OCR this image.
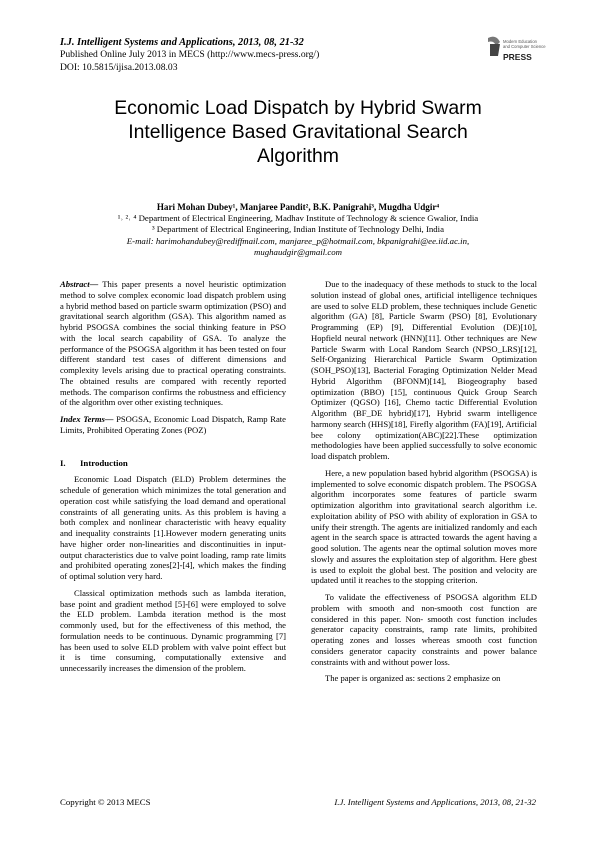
I.J. Intelligent Systems and Applications, 2013, 08, 21-32
Published Online July 2013 in MECS (http://www.mecs-press.org/)
DOI: 10.5815/ijisa.2013.08.03
Modern Education
and Computer Science
PRESS
Economic Load Dispatch by Hybrid Swarm
Intelligence Based Gravitational Search
Algorithm
Hari Mohan Dubey¹, Manjaree Pandit², B.K. Panigrahi³, Mugdha Udgir⁴
¹˒ ²˒ ⁴ Department of Electrical Engineering, Madhav Institute of Technology & science Gwalior, India
³ Department of Electrical Engineering, Indian Institute of Technology Delhi, India
E-mail: harimohandubey@rediffmail.com, manjaree_p@hotmail.com, bkpanigrahi@ee.iid.ac.in,
mughaudgir@gmail.com

Abstract— This paper presents a novel heuristic optimization method to solve complex economic load dispatch problem using a hybrid method based on particle swarm optimization (PSO) and gravitational search algorithm (GSA). This algorithm named as hybrid PSOGSA combines the social thinking feature in PSO with the local search capability of GSA. To analyze the performance of the PSOGSA algorithm it has been tested on four different standard test cases of different dimensions and complexity levels arising due to practical operating constraints. The obtained results are compared with recently reported methods. The comparison confirms the robustness and efficiency of the algorithm over other existing techniques.

Index Terms— PSOGSA, Economic Load Dispatch, Ramp Rate Limits, Prohibited Operating Zones (POZ)

I. Introduction

Economic Load Dispatch (ELD) Problem determines the schedule of generation which minimizes the total generation and operation cost while satisfying the load demand and operational constraints of all generating units. As this problem is having a both complex and nonlinear characteristic with heavy equality and inequality constraints [1].However modern generating units have higher order non-linearities and discontinuities in input-output characteristics due to valve point loading, ramp rate limits and prohibited operating zones[2]-[4], which makes the finding of optimal solution very hard.

Classical optimization methods such as lambda iteration, base point and gradient method [5]-[6] were employed to solve the ELD problem. Lambda iteration method is the most commonly used, but for the effectiveness of this method, the formulation needs to be continuous. Dynamic programming [7] has been used to solve ELD problem with valve point effect but it is time consuming, computationally extensive and unnecessarily increases the dimension of the problem.

Due to the inadequacy of these methods to stuck to the local solution instead of global ones, artificial intelligence techniques are used to solve ELD problem, these techniques include Genetic algorithm (GA) [8], Particle Swarm (PSO) [8], Evolutionary Programming (EP) [9], Differential Evolution (DE)[10], Hopfield neural network (HNN)[11]. Other techniques are New Particle Swarm with Local Random Search (NPSO_LRS)[12], Self-Organizing Hierarchical Particle Swarm Optimization (SOH_PSO)[13], Bacterial Foraging Optimization Nelder Mead Hybrid Algorithm (BFONM)[14], Biogeography based optimization (BBO) [15], continuous Quick Group Search Optimizer (QGSO) [16], Chemo tactic Differential Evolution Algorithm (BF_DE hybrid)[17], Hybrid swarm intelligence harmony search (HHS)[18], Firefly algorithm (FA)[19], Artificial bee colony optimization(ABC)[22].These optimization methodologies have been applied successfully to solve economic load dispatch problem.

Here, a new population based hybrid algorithm (PSOGSA) is implemented to solve economic dispatch problem. The PSOGSA algorithm incorporates some features of particle swarm optimization algorithm into gravitational search algorithm i.e. exploitation ability of PSO with ability of exploration in GSA to unify their strength. The agents are initialized randomly and each agent in the search space is attracted towards the agent having a good solution. The agents near the optimal solution moves more slowly and assures the exploitation step of algorithm. Here gbest is used to exploit the global best. The position and velocity are updated until it reaches to the stopping criterion.

To validate the effectiveness of PSOGSA algorithm ELD problem with smooth and non-smooth cost function are considered in this paper. Non- smooth cost function includes generator capacity constraints, ramp rate limits, prohibited operating zones and losses whereas smooth cost function considers generator capacity constraints and power balance constraints with and without power loss.

The paper is organized as: sections 2 emphasize on

Copyright © 2013 MECS	I.J. Intelligent Systems and Applications, 2013, 08, 21-32
